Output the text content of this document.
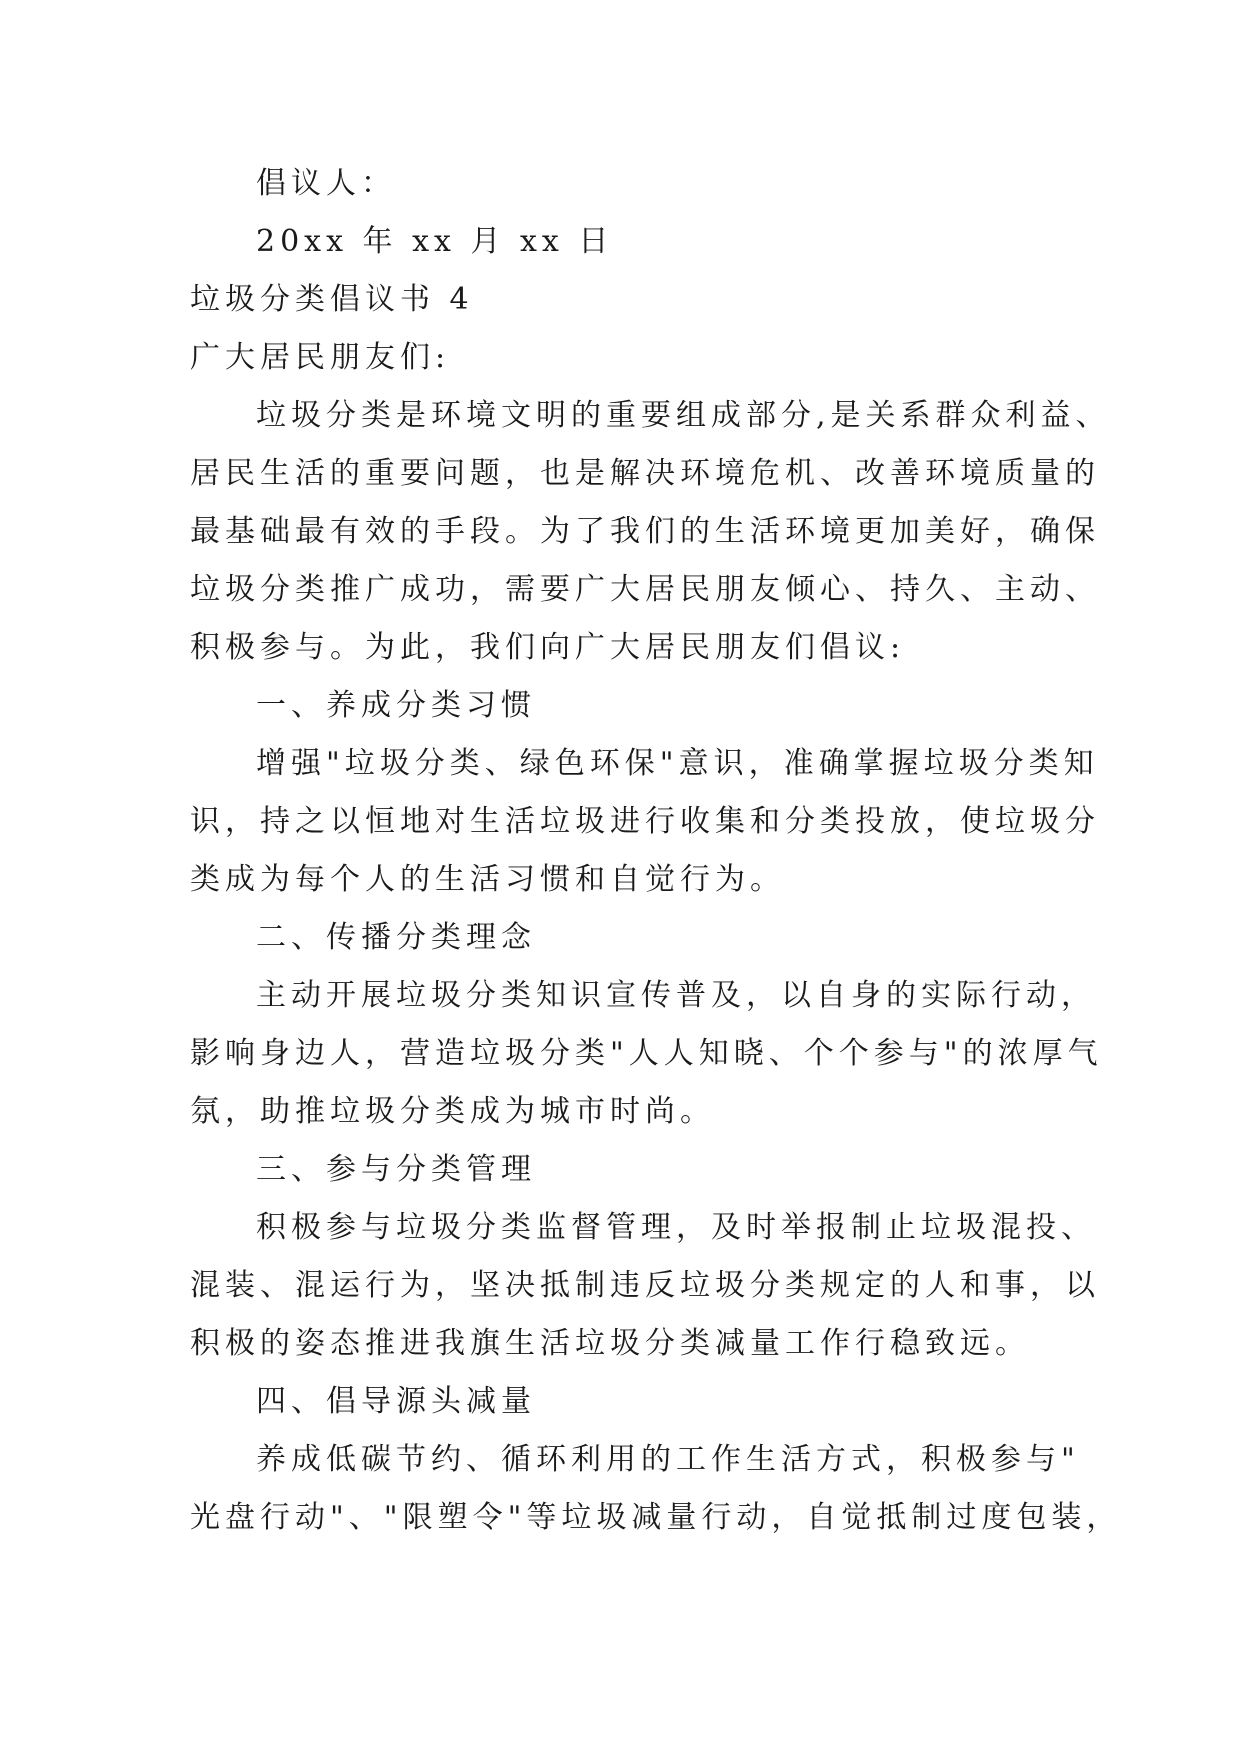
倡议人：
20xx 年 xx 月 xx 日
垃圾分类倡议书 4
广大居民朋友们:
垃圾分类是环境文明的重要组成部分,是关系群众利益、
居民生活的重要问题，也是解决环境危机、改善环境质量的
最基础最有效的手段。为了我们的生活环境更加美好，确保
垃圾分类推广成功，需要广大居民朋友倾心、持久、主动、
积极参与。为此，我们向广大居民朋友们倡议:
一、养成分类习惯
增强"垃圾分类、绿色环保"意识，准确掌握垃圾分类知
识，持之以恒地对生活垃圾进行收集和分类投放，使垃圾分
类成为每个人的生活习惯和自觉行为。
二、传播分类理念
主动开展垃圾分类知识宣传普及，以自身的实际行动，
影响身边人，营造垃圾分类"人人知晓、个个参与"的浓厚气
氛，助推垃圾分类成为城市时尚。
三、参与分类管理
积极参与垃圾分类监督管理，及时举报制止垃圾混投、
混装、混运行为，坚决抵制违反垃圾分类规定的人和事，以
积极的姿态推进我旗生活垃圾分类减量工作行稳致远。
四、倡导源头减量
养成低碳节约、循环利用的工作生活方式，积极参与"
光盘行动"、"限塑令"等垃圾减量行动，自觉抵制过度包装，
